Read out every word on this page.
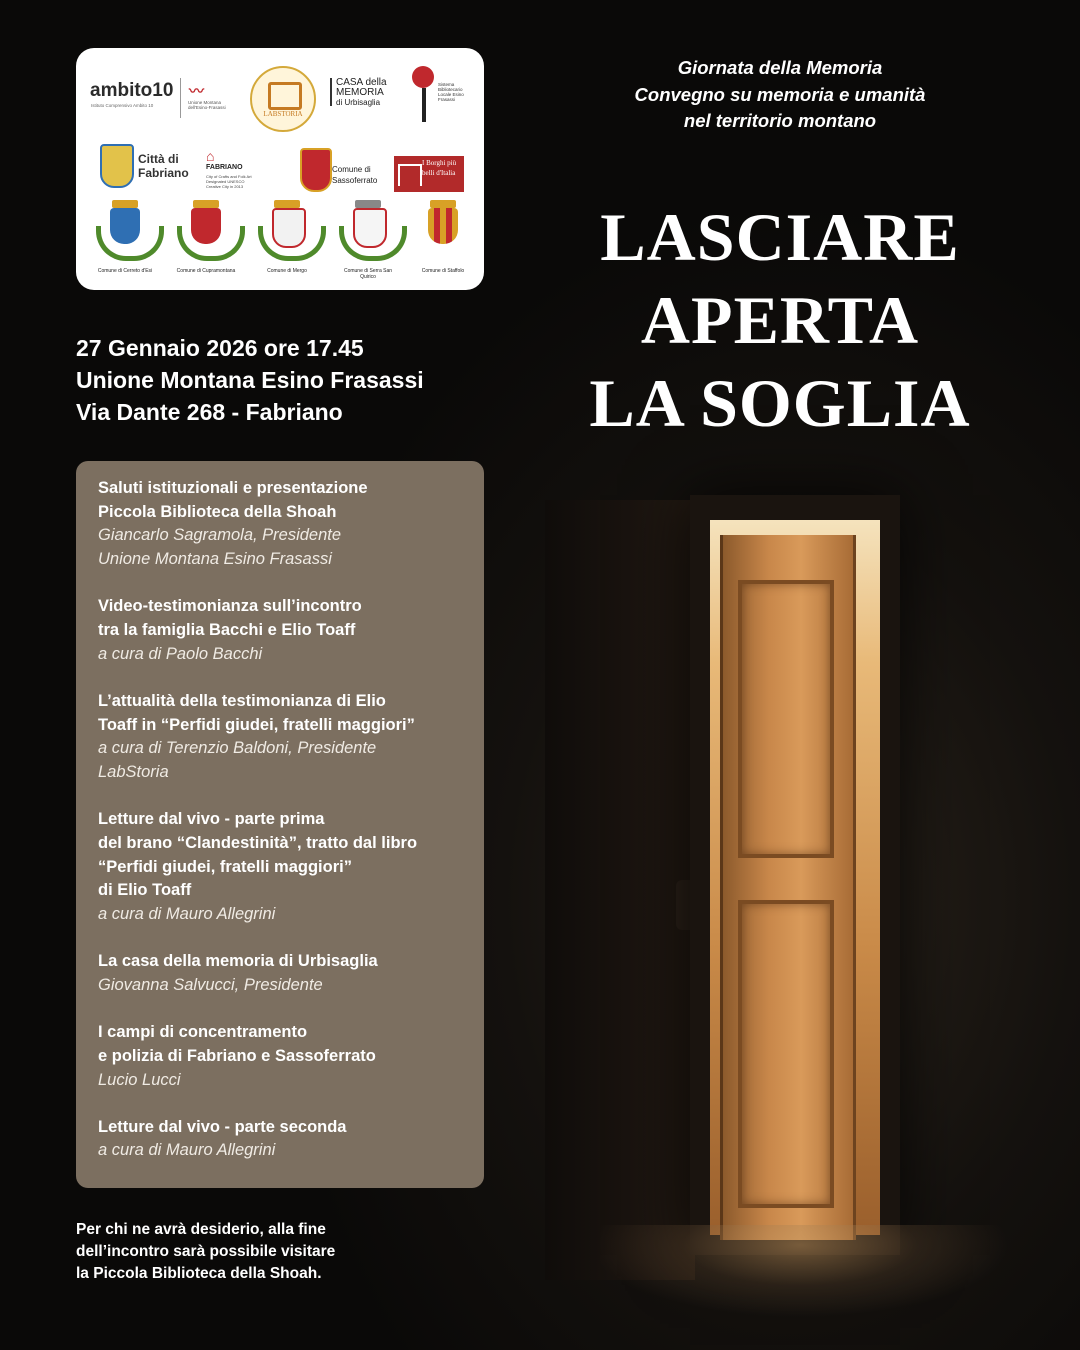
ambito10
Istituto Comprensivo Ambito 10
〰
Unione Montana dell'Esino-Frasassi
LABSTORIA
CASA della
MEMORIA
di Urbisaglia
Sistema Bibliotecario Locale Esino Frasassi
Città di
Fabriano
⌂
FABRIANO
City of Crafts and Folk Art Designated UNESCO Creative City in 2013
Comune di
Sassoferrato
I Borghi più belli d'Italia
Comune di Cerreto d'Esi	Comune di Cupramontana	Comune di Mergo	Comune di Serra San Quirico
Comune di Staffolo
27 Gennaio 2026 ore 17.45
Unione Montana Esino Frasassi
Via Dante 268 - Fabriano
Giornata della Memoria
Convegno su memoria e umanità
nel territorio montano
LASCIARE
APERTA
LA SOGLIA
Saluti istituzionali e presentazione
Piccola Biblioteca della Shoah
Giancarlo Sagramola, Presidente
Unione Montana Esino Frasassi
Video-testimonianza sull’incontro
tra la famiglia Bacchi e Elio Toaff
a cura di Paolo Bacchi
L’attualità della testimonianza di Elio
Toaff in “Perfidi giudei, fratelli maggiori”
a cura di Terenzio Baldoni, Presidente
LabStoria
Letture dal vivo - parte prima
del brano “Clandestinità”, tratto dal libro
“Perfidi giudei, fratelli maggiori”
di Elio Toaff
a cura di Mauro Allegrini
La casa della memoria di Urbisaglia
Giovanna Salvucci, Presidente
I campi di concentramento
e polizia di Fabriano e Sassoferrato
Lucio Lucci
Letture dal vivo - parte seconda
a cura di Mauro Allegrini
Per chi ne avrà desiderio, alla fine
dell’incontro sarà possibile visitare
la Piccola Biblioteca della Shoah.
